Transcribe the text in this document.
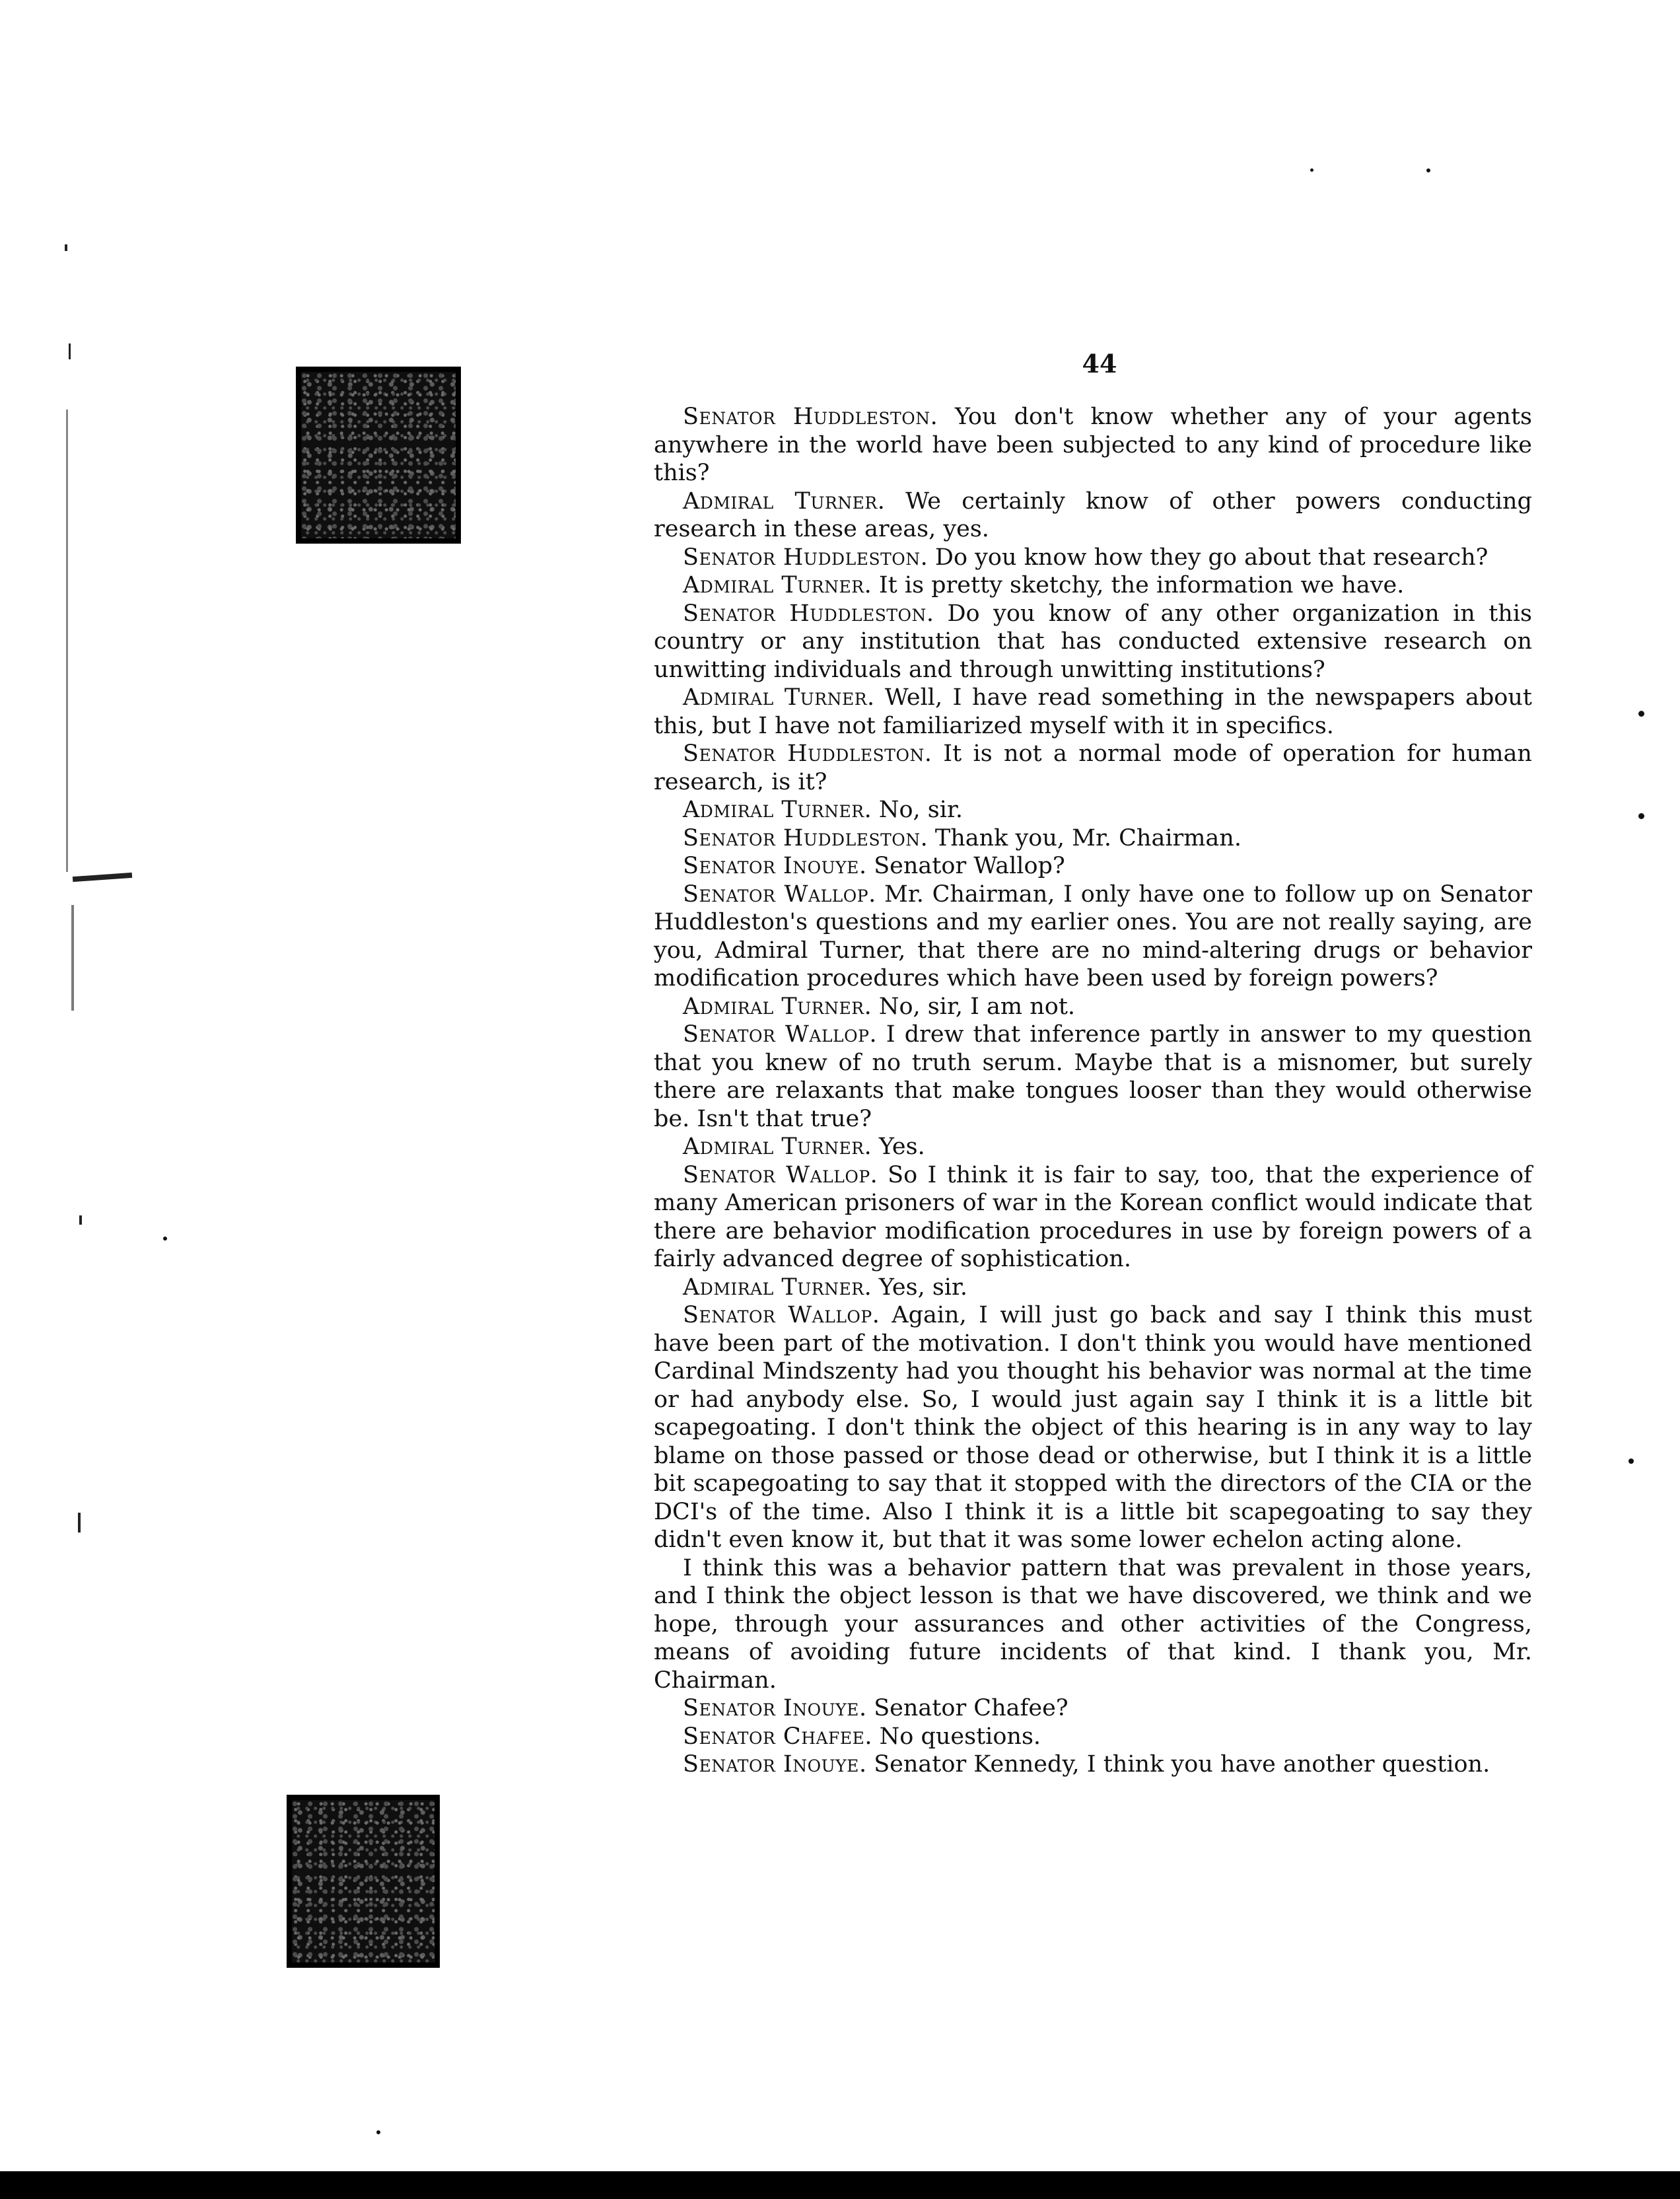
44

Senator Huddleston. You don't know whether any of your agents anywhere in the world have been subjected to any kind of procedure like this?

Admiral Turner. We certainly know of other powers conducting research in these areas, yes.

Senator Huddleston. Do you know how they go about that research?

Admiral Turner. It is pretty sketchy, the information we have.

Senator Huddleston. Do you know of any other organization in this country or any institution that has conducted extensive research on unwitting individuals and through unwitting institutions?

Admiral Turner. Well, I have read something in the newspapers about this, but I have not familiarized myself with it in specifics.

Senator Huddleston. It is not a normal mode of operation for human research, is it?

Admiral Turner. No, sir.

Senator Huddleston. Thank you, Mr. Chairman.

Senator Inouye. Senator Wallop?

Senator Wallop. Mr. Chairman, I only have one to follow up on Senator Huddleston's questions and my earlier ones. You are not really saying, are you, Admiral Turner, that there are no mind-altering drugs or behavior modification procedures which have been used by foreign powers?

Admiral Turner. No, sir, I am not.

Senator Wallop. I drew that inference partly in answer to my question that you knew of no truth serum. Maybe that is a misnomer, but surely there are relaxants that make tongues looser than they would otherwise be. Isn't that true?

Admiral Turner. Yes.

Senator Wallop. So I think it is fair to say, too, that the experience of many American prisoners of war in the Korean conflict would indicate that there are behavior modification procedures in use by foreign powers of a fairly advanced degree of sophistication.

Admiral Turner. Yes, sir.

Senator Wallop. Again, I will just go back and say I think this must have been part of the motivation. I don't think you would have mentioned Cardinal Mindszenty had you thought his behavior was normal at the time or had anybody else. So, I would just again say I think it is a little bit scapegoating. I don't think the object of this hearing is in any way to lay blame on those passed or those dead or otherwise, but I think it is a little bit scapegoating to say that it stopped with the directors of the CIA or the DCI's of the time. Also I think it is a little bit scapegoating to say they didn't even know it, but that it was some lower echelon acting alone.

I think this was a behavior pattern that was prevalent in those years, and I think the object lesson is that we have discovered, we think and we hope, through your assurances and other activities of the Congress, means of avoiding future incidents of that kind. I thank you, Mr. Chairman.

Senator Inouye. Senator Chafee?

Senator Chafee. No questions.

Senator Inouye. Senator Kennedy, I think you have another question.
